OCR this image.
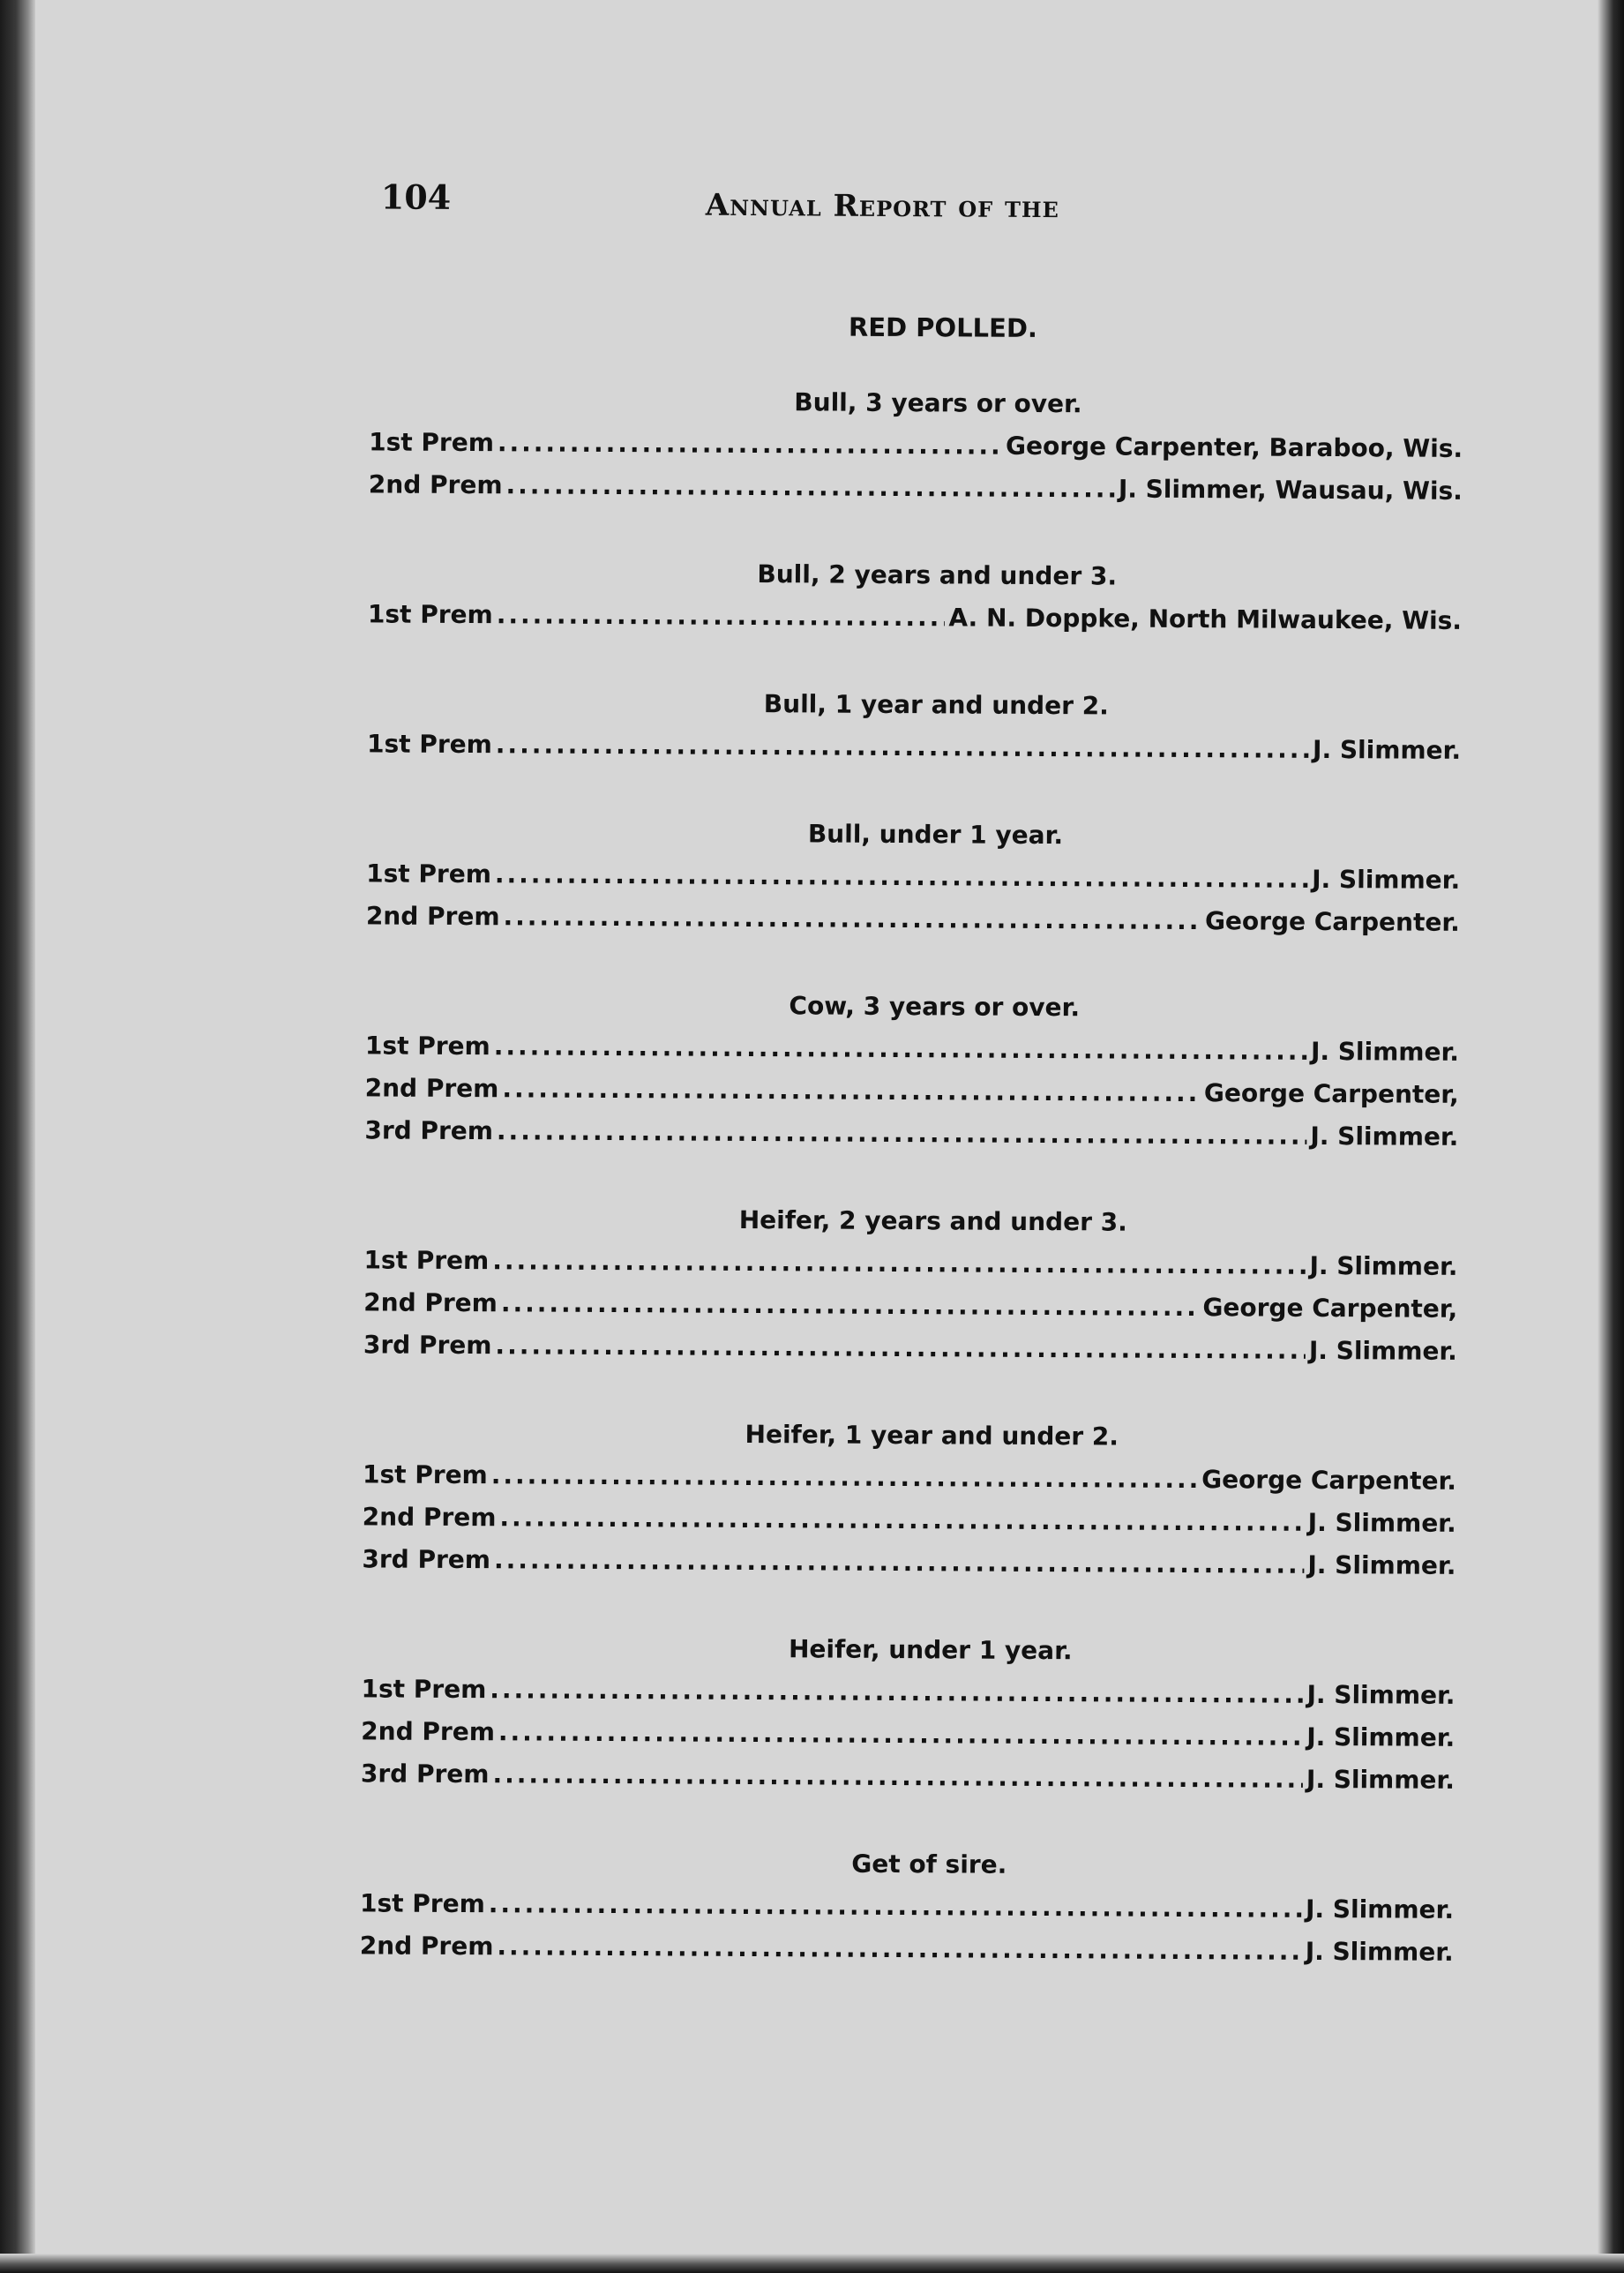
104	Annual Report of the
RED POLLED.
Bull, 3 years or over.
1st Prem .....	George Carpenter, Baraboo, Wis.
2nd Prem .....	J. Slimmer, Wausau, Wis.
Bull, 2 years and under 3.
1st Prem .....	A. N. Doppke, North Milwaukee, Wis.
Bull, 1 year and under 2.
1st Prem .....	J. Slimmer.
Bull, under 1 year.
1st Prem .....	J. Slimmer.
2nd Prem .....	George Carpenter.
Cow, 3 years or over.
1st Prem .....	J. Slimmer.
2nd Prem .....	George Carpenter,
3rd Prem .....	J. Slimmer.
Heifer, 2 years and under 3.
1st Prem .....	J. Slimmer.
2nd Prem .....	George Carpenter,
3rd Prem .....	J. Slimmer.
Heifer, 1 year and under 2.
1st Prem .....	George Carpenter.
2nd Prem .....	J. Slimmer.
3rd Prem .....	J. Slimmer.
Heifer, under 1 year.
1st Prem .....	J. Slimmer.
2nd Prem .....	J. Slimmer.
3rd Prem .....	J. Slimmer.
Get of sire.
1st Prem .....	J. Slimmer.
2nd Prem .....	J. Slimmer.
